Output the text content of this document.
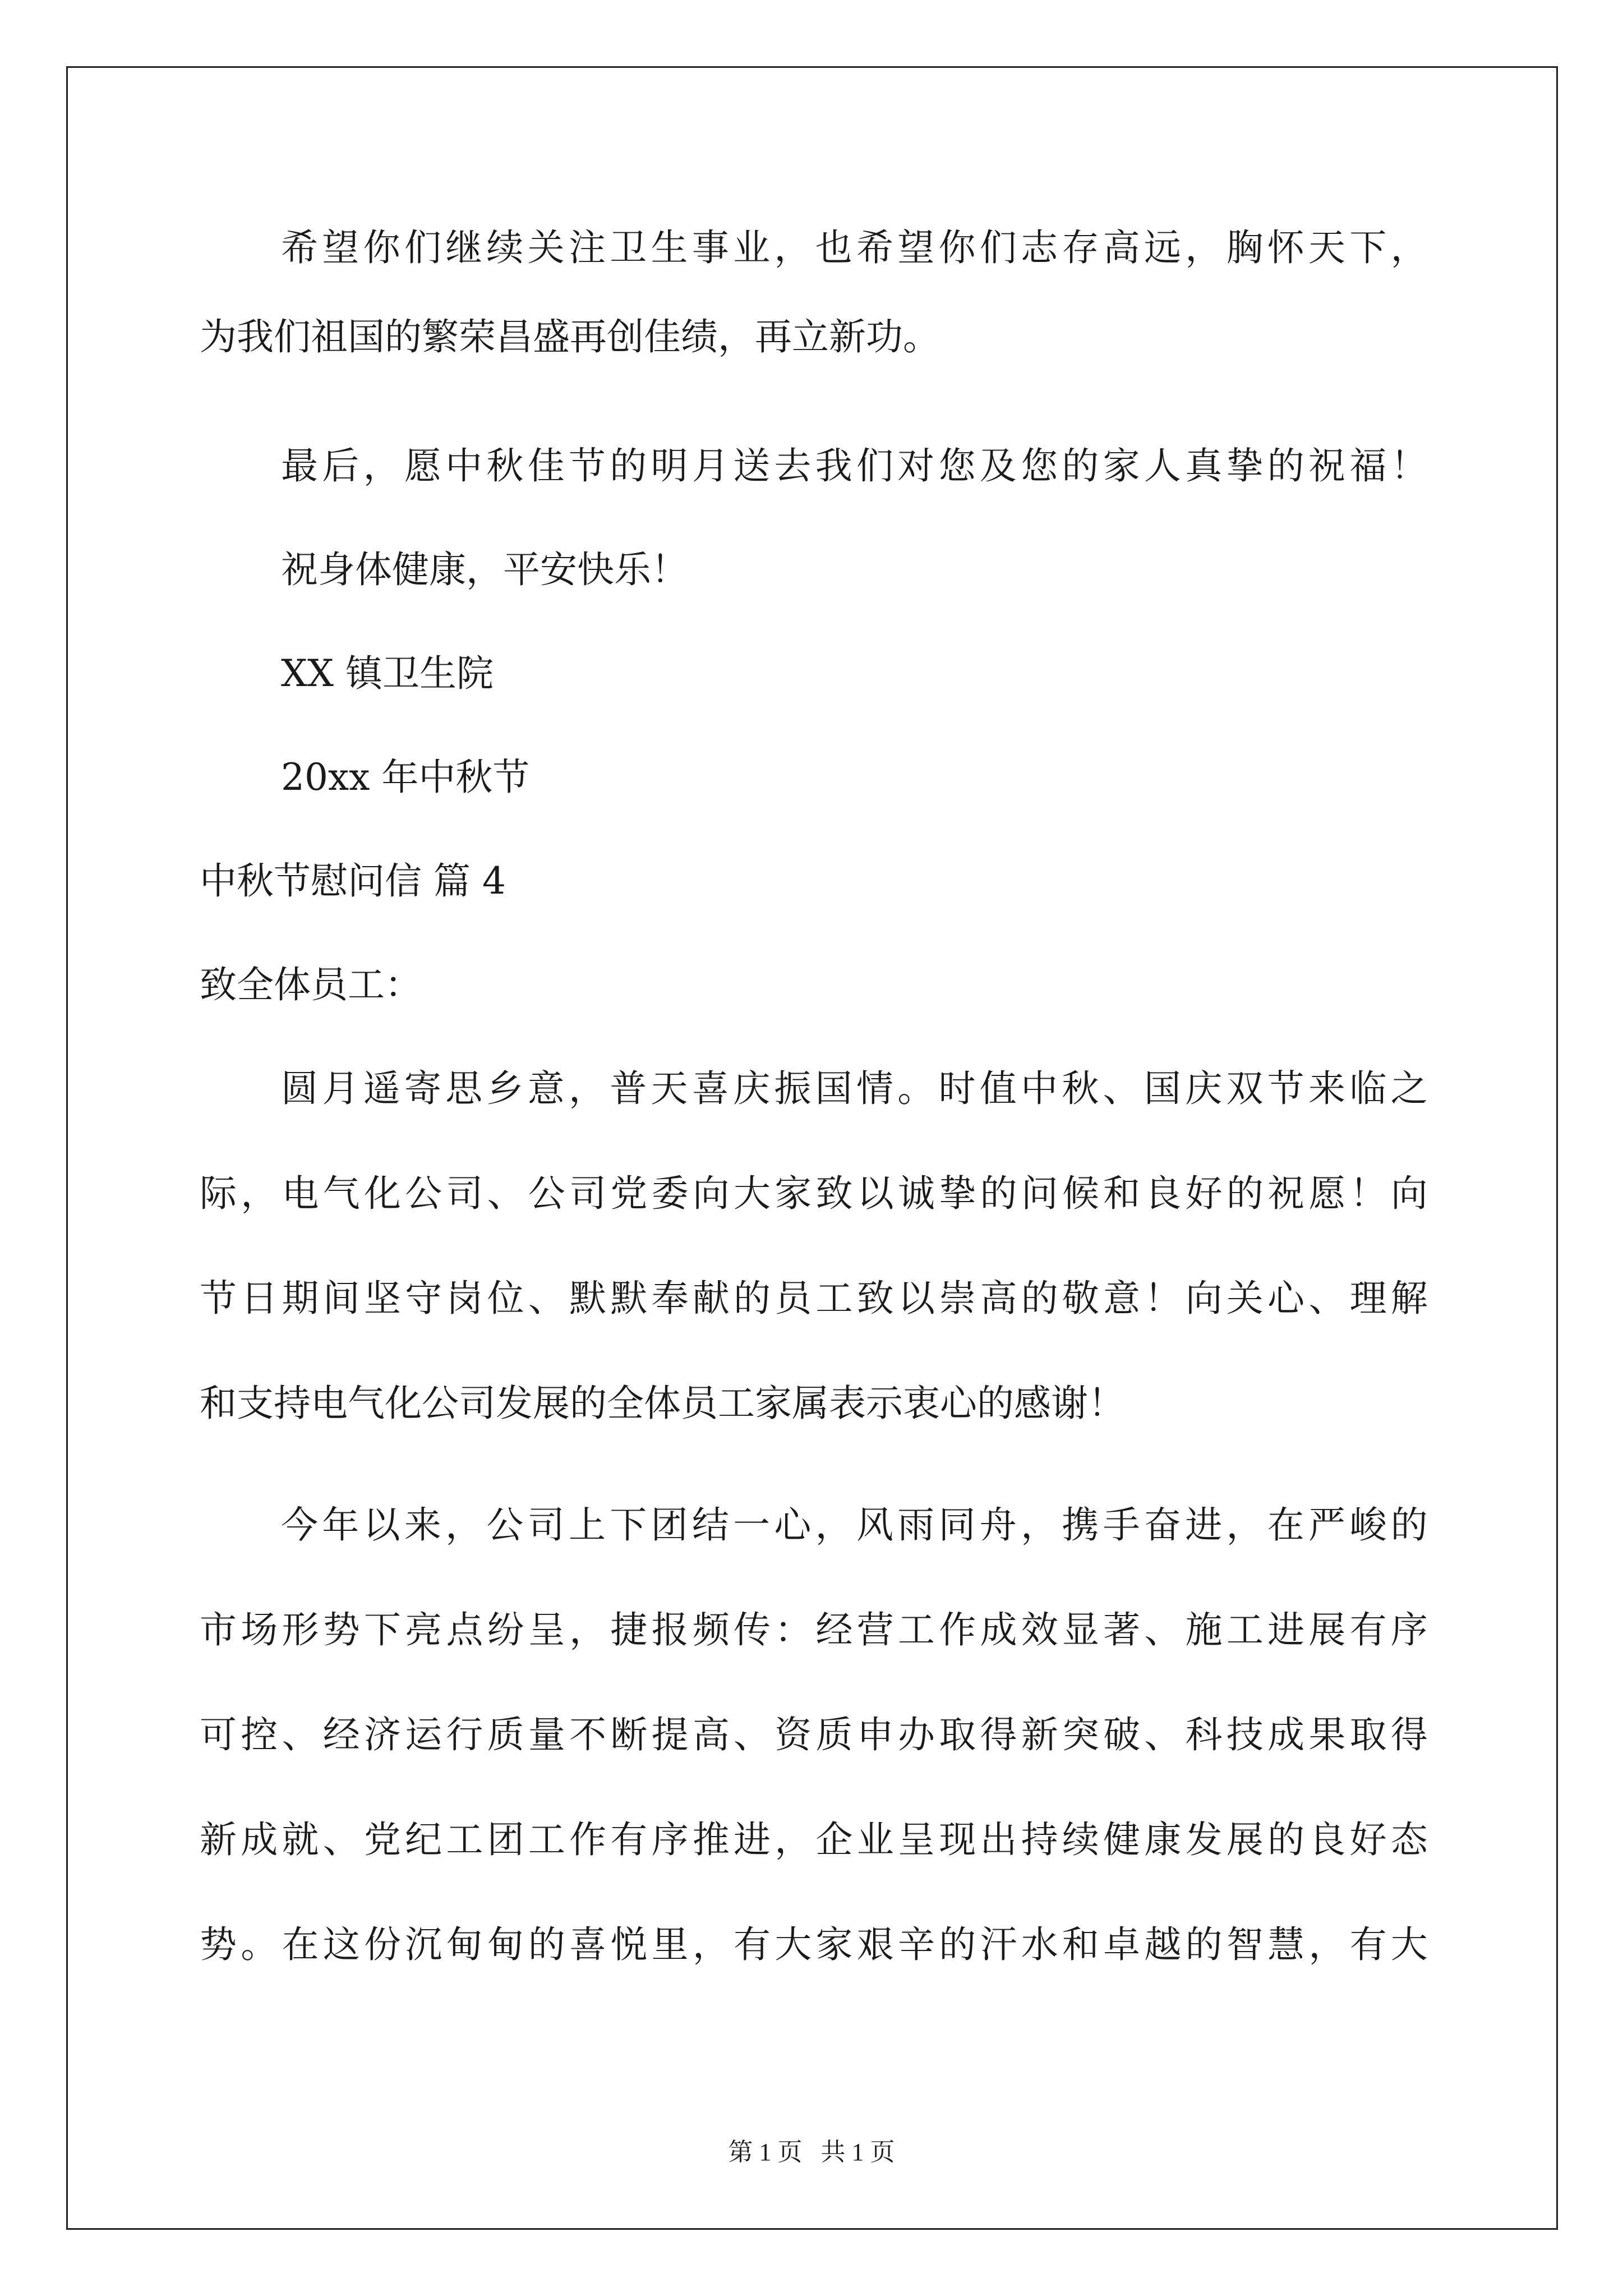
希 望 你 们 继 续 关 注 卫 生 事 业 ， 也 希 望 你 们 志 存 高 远 ， 胸 怀 天 下 ，
为我们祖国的繁荣昌盛再创佳绩，再立新功。
最 后 ， 愿 中 秋 佳 节 的 明 月 送 去 我 们 对 您 及 您 的 家 人 真 挚 的 祝 福 ！
祝身体健康，平安快乐！
XX 镇卫生院
20xx 年中秋节
中秋节慰问信 篇 4
致全体员工：
圆 月 遥 寄 思 乡 意 ， 普 天 喜 庆 振 国 情 。 时 值 中 秋 、 国 庆 双 节 来 临 之
际 ， 电 气 化 公 司 、 公 司 党 委 向 大 家 致 以 诚 挚 的 问 候 和 良 好 的 祝 愿 ！ 向
节 日 期 间 坚 守 岗 位 、 默 默 奉 献 的 员 工 致 以 崇 高 的 敬 意 ！ 向 关 心 、 理 解
和支持电气化公司发展的全体员工家属表示衷心的感谢！
今 年 以 来 ， 公 司 上 下 团 结 一 心 ， 风 雨 同 舟 ， 携 手 奋 进 ， 在 严 峻 的
市 场 形 势 下 亮 点 纷 呈 ， 捷 报 频 传 ： 经 营 工 作 成 效 显 著 、 施 工 进 展 有 序
可 控 、 经 济 运 行 质 量 不 断 提 高 、 资 质 申 办 取 得 新 突 破 、 科 技 成 果 取 得
新 成 就 、 党 纪 工 团 工 作 有 序 推 进 ， 企 业 呈 现 出 持 续 健 康 发 展 的 良 好 态
势 。 在 这 份 沉 甸 甸 的 喜 悦 里 ， 有 大 家 艰 辛 的 汗 水 和 卓 越 的 智 慧 ， 有 大
第 1 页   共 1 页
